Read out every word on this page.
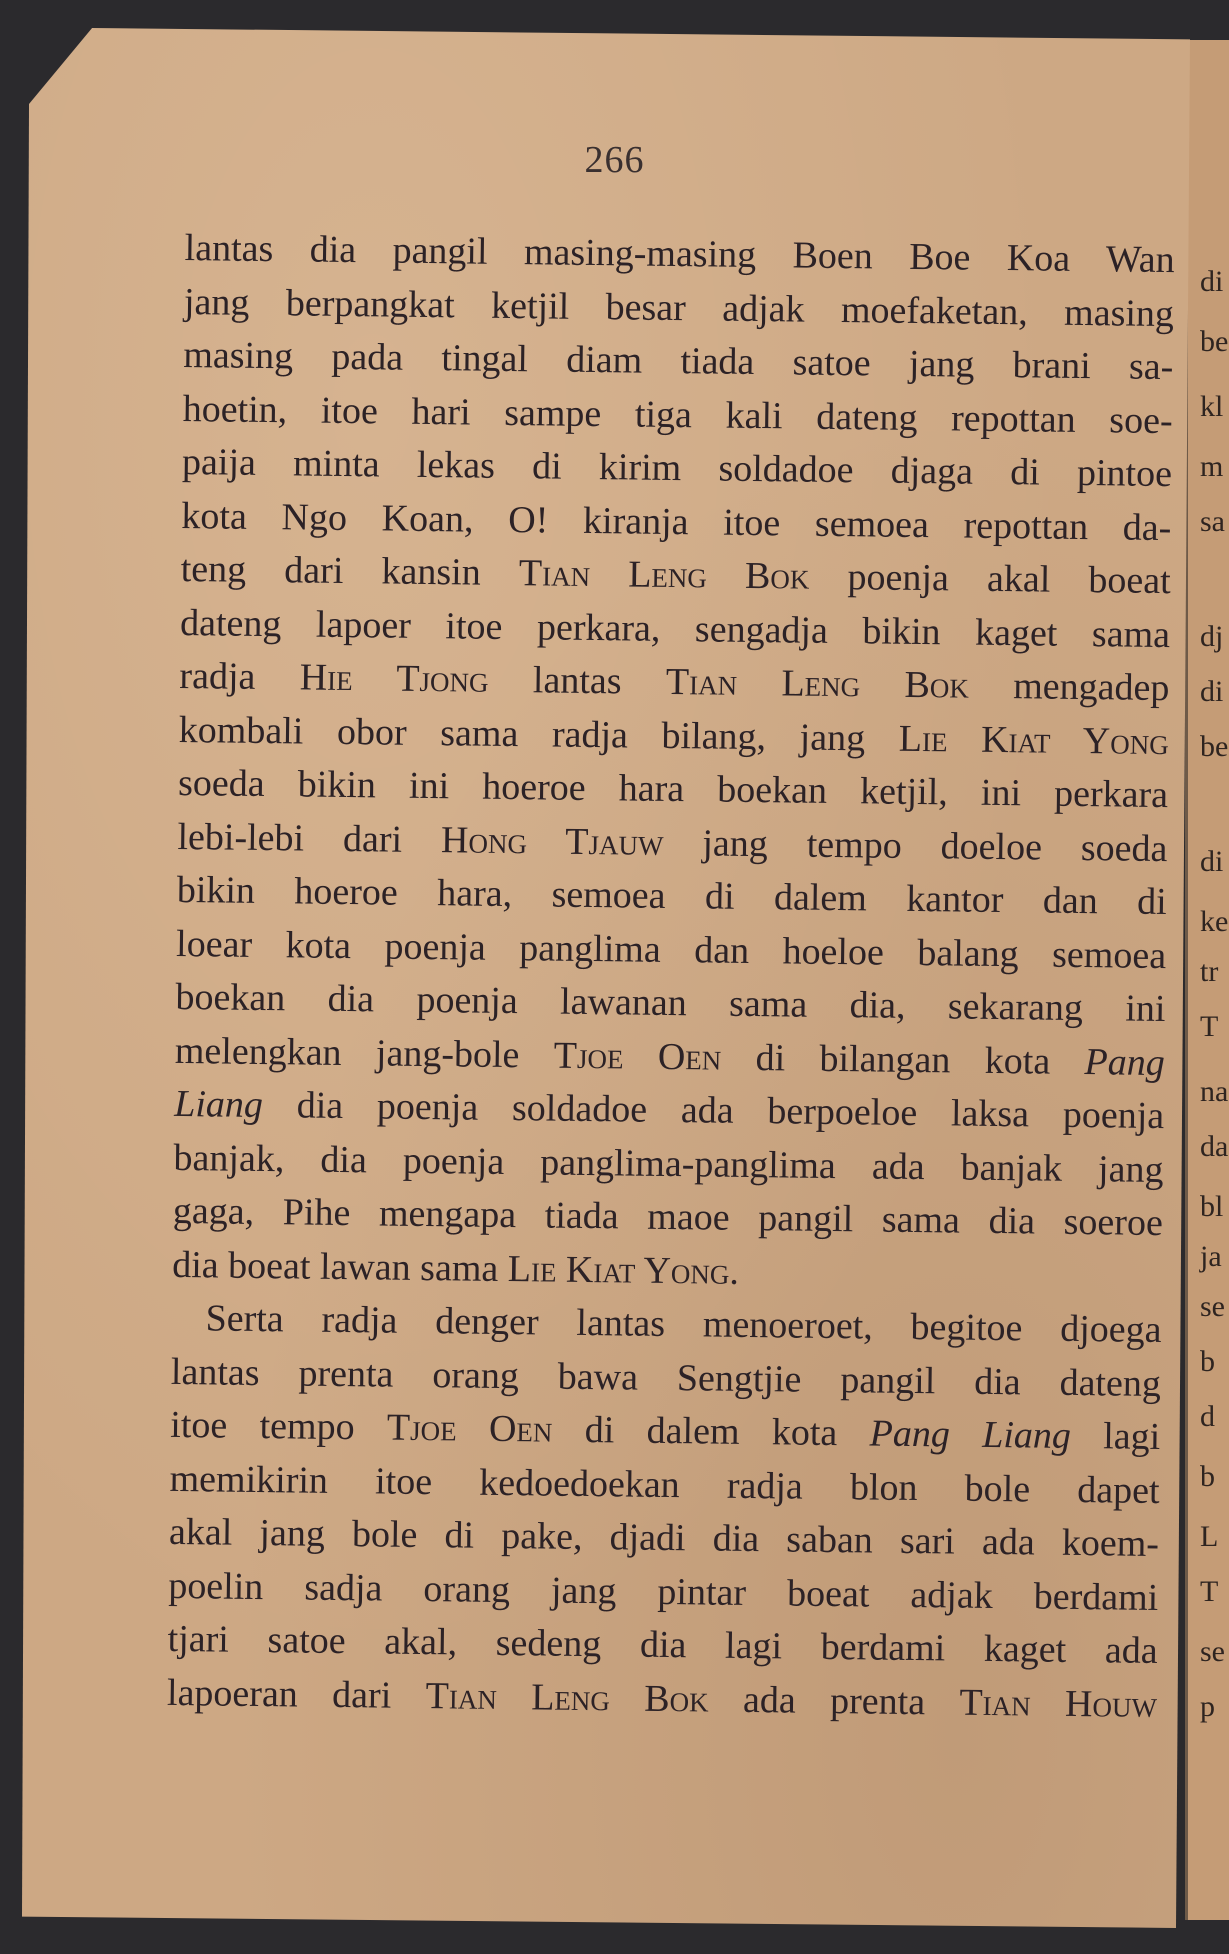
di
be
kl
m
sa
dj
di
be
di
ke
tr
T
na
da
bl
ja
se
b
d
b
L
T
se
p
266
lantas dia pangil masing-masing Boen Boe Koa Wan
jang berpangkat ketjil besar adjak moefaketan, masing
masing pada tingal diam tiada satoe jang brani sa-
hoetin, itoe hari sampe tiga kali dateng repottan soe-
paija minta lekas di kirim soldadoe djaga di pintoe
kota Ngo Koan, O! kiranja itoe semoea repottan da-
teng dari kansin Tian Leng Bok poenja akal boeat
dateng lapoer itoe perkara, sengadja bikin kaget sama
radja Hie Tjong lantas Tian Leng Bok mengadep
kombali obor sama radja bilang, jang Lie Kiat Yong
soeda bikin ini hoeroe hara boekan ketjil, ini perkara
lebi-lebi dari Hong Tjauw jang tempo doeloe soeda
bikin hoeroe hara, semoea di dalem kantor dan di
loear kota poenja panglima dan hoeloe balang semoea
boekan dia poenja lawanan sama dia, sekarang ini
melengkan jang-bole Tjoe Oen di bilangan kota Pang
Liang dia poenja soldadoe ada berpoeloe laksa poenja
banjak, dia poenja panglima-panglima ada banjak jang
gaga, Pihe mengapa tiada maoe pangil sama dia soeroe
dia boeat lawan sama Lie Kiat Yong.
Serta radja denger lantas menoeroet, begitoe djoega
lantas prenta orang bawa Sengtjie pangil dia dateng
itoe tempo Tjoe Oen di dalem kota Pang Liang lagi
memikirin itoe kedoedoekan radja blon bole dapet
akal jang bole di pake, djadi dia saban sari ada koem-
poelin sadja orang jang pintar boeat adjak berdami
tjari satoe akal, sedeng dia lagi berdami kaget ada
lapoeran dari Tian Leng Bok ada prenta Tian Houw
